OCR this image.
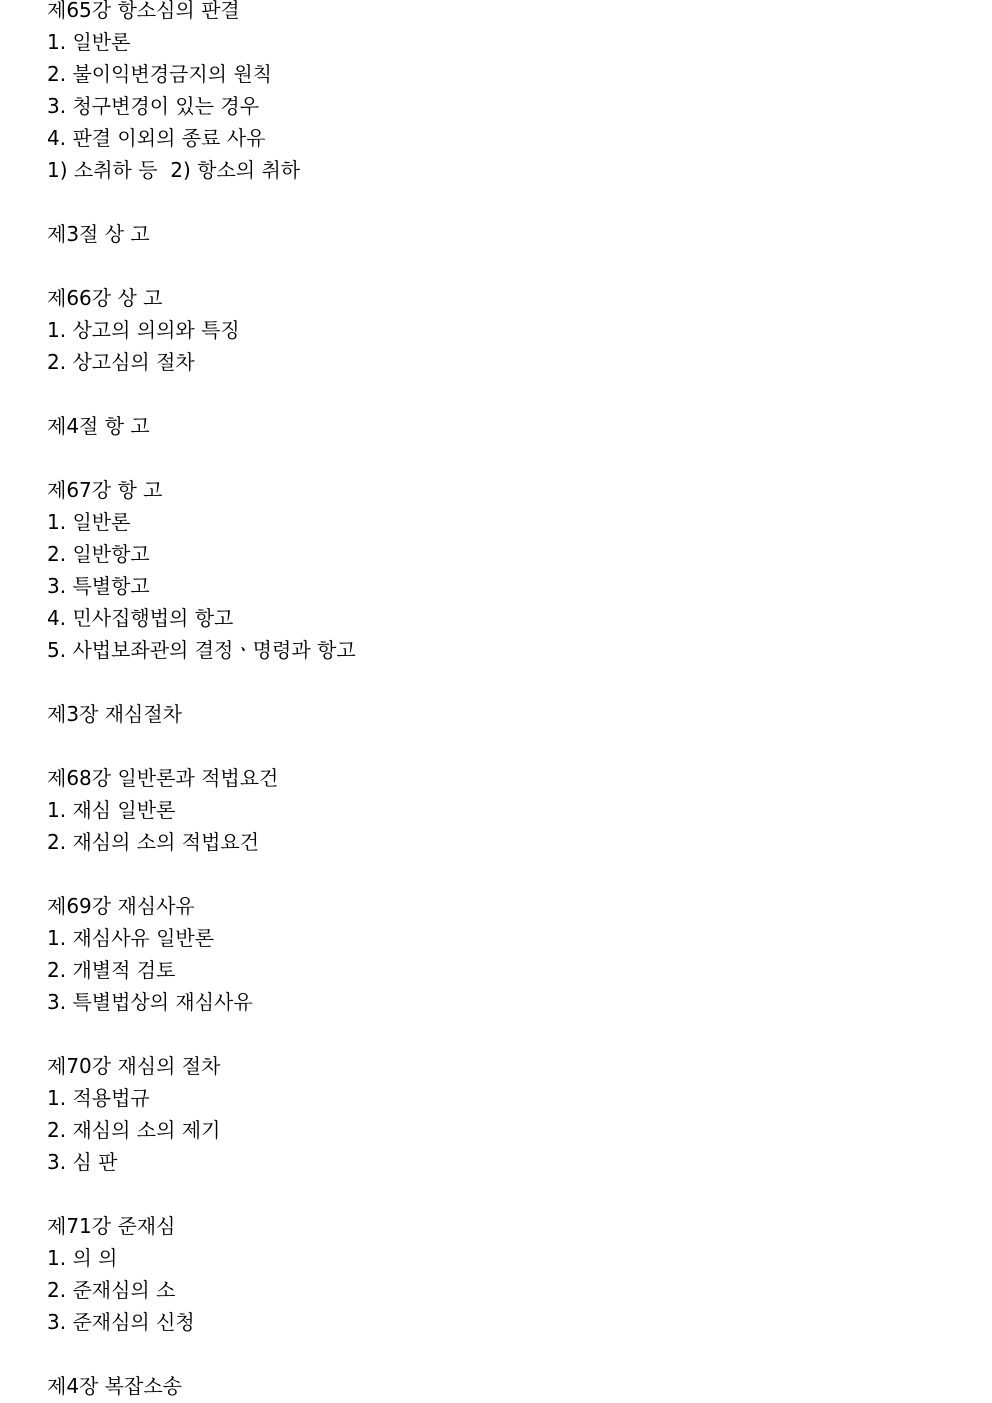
제65강 항소심의 판결
1. 일반론
2. 불이익변경금지의 원칙
3. 청구변경이 있는 경우
4. 판결 이외의 종료 사유
1) 소취하 등  2) 항소의 취하
제3절 상 고
제66강 상 고
1. 상고의 의의와 특징
2. 상고심의 절차
제4절 항 고
제67강 항 고
1. 일반론
2. 일반항고
3. 특별항고
4. 민사집행법의 항고
5. 사법보좌관의 결정ㆍ명령과 항고
제3장 재심절차
제68강 일반론과 적법요건
1. 재심 일반론
2. 재심의 소의 적법요건
제69강 재심사유
1. 재심사유 일반론
2. 개별적 검토
3. 특별법상의 재심사유
제70강 재심의 절차
1. 적용법규
2. 재심의 소의 제기
3. 심 판
제71강 준재심
1. 의 의
2. 준재심의 소
3. 준재심의 신청
제4장 복잡소송
